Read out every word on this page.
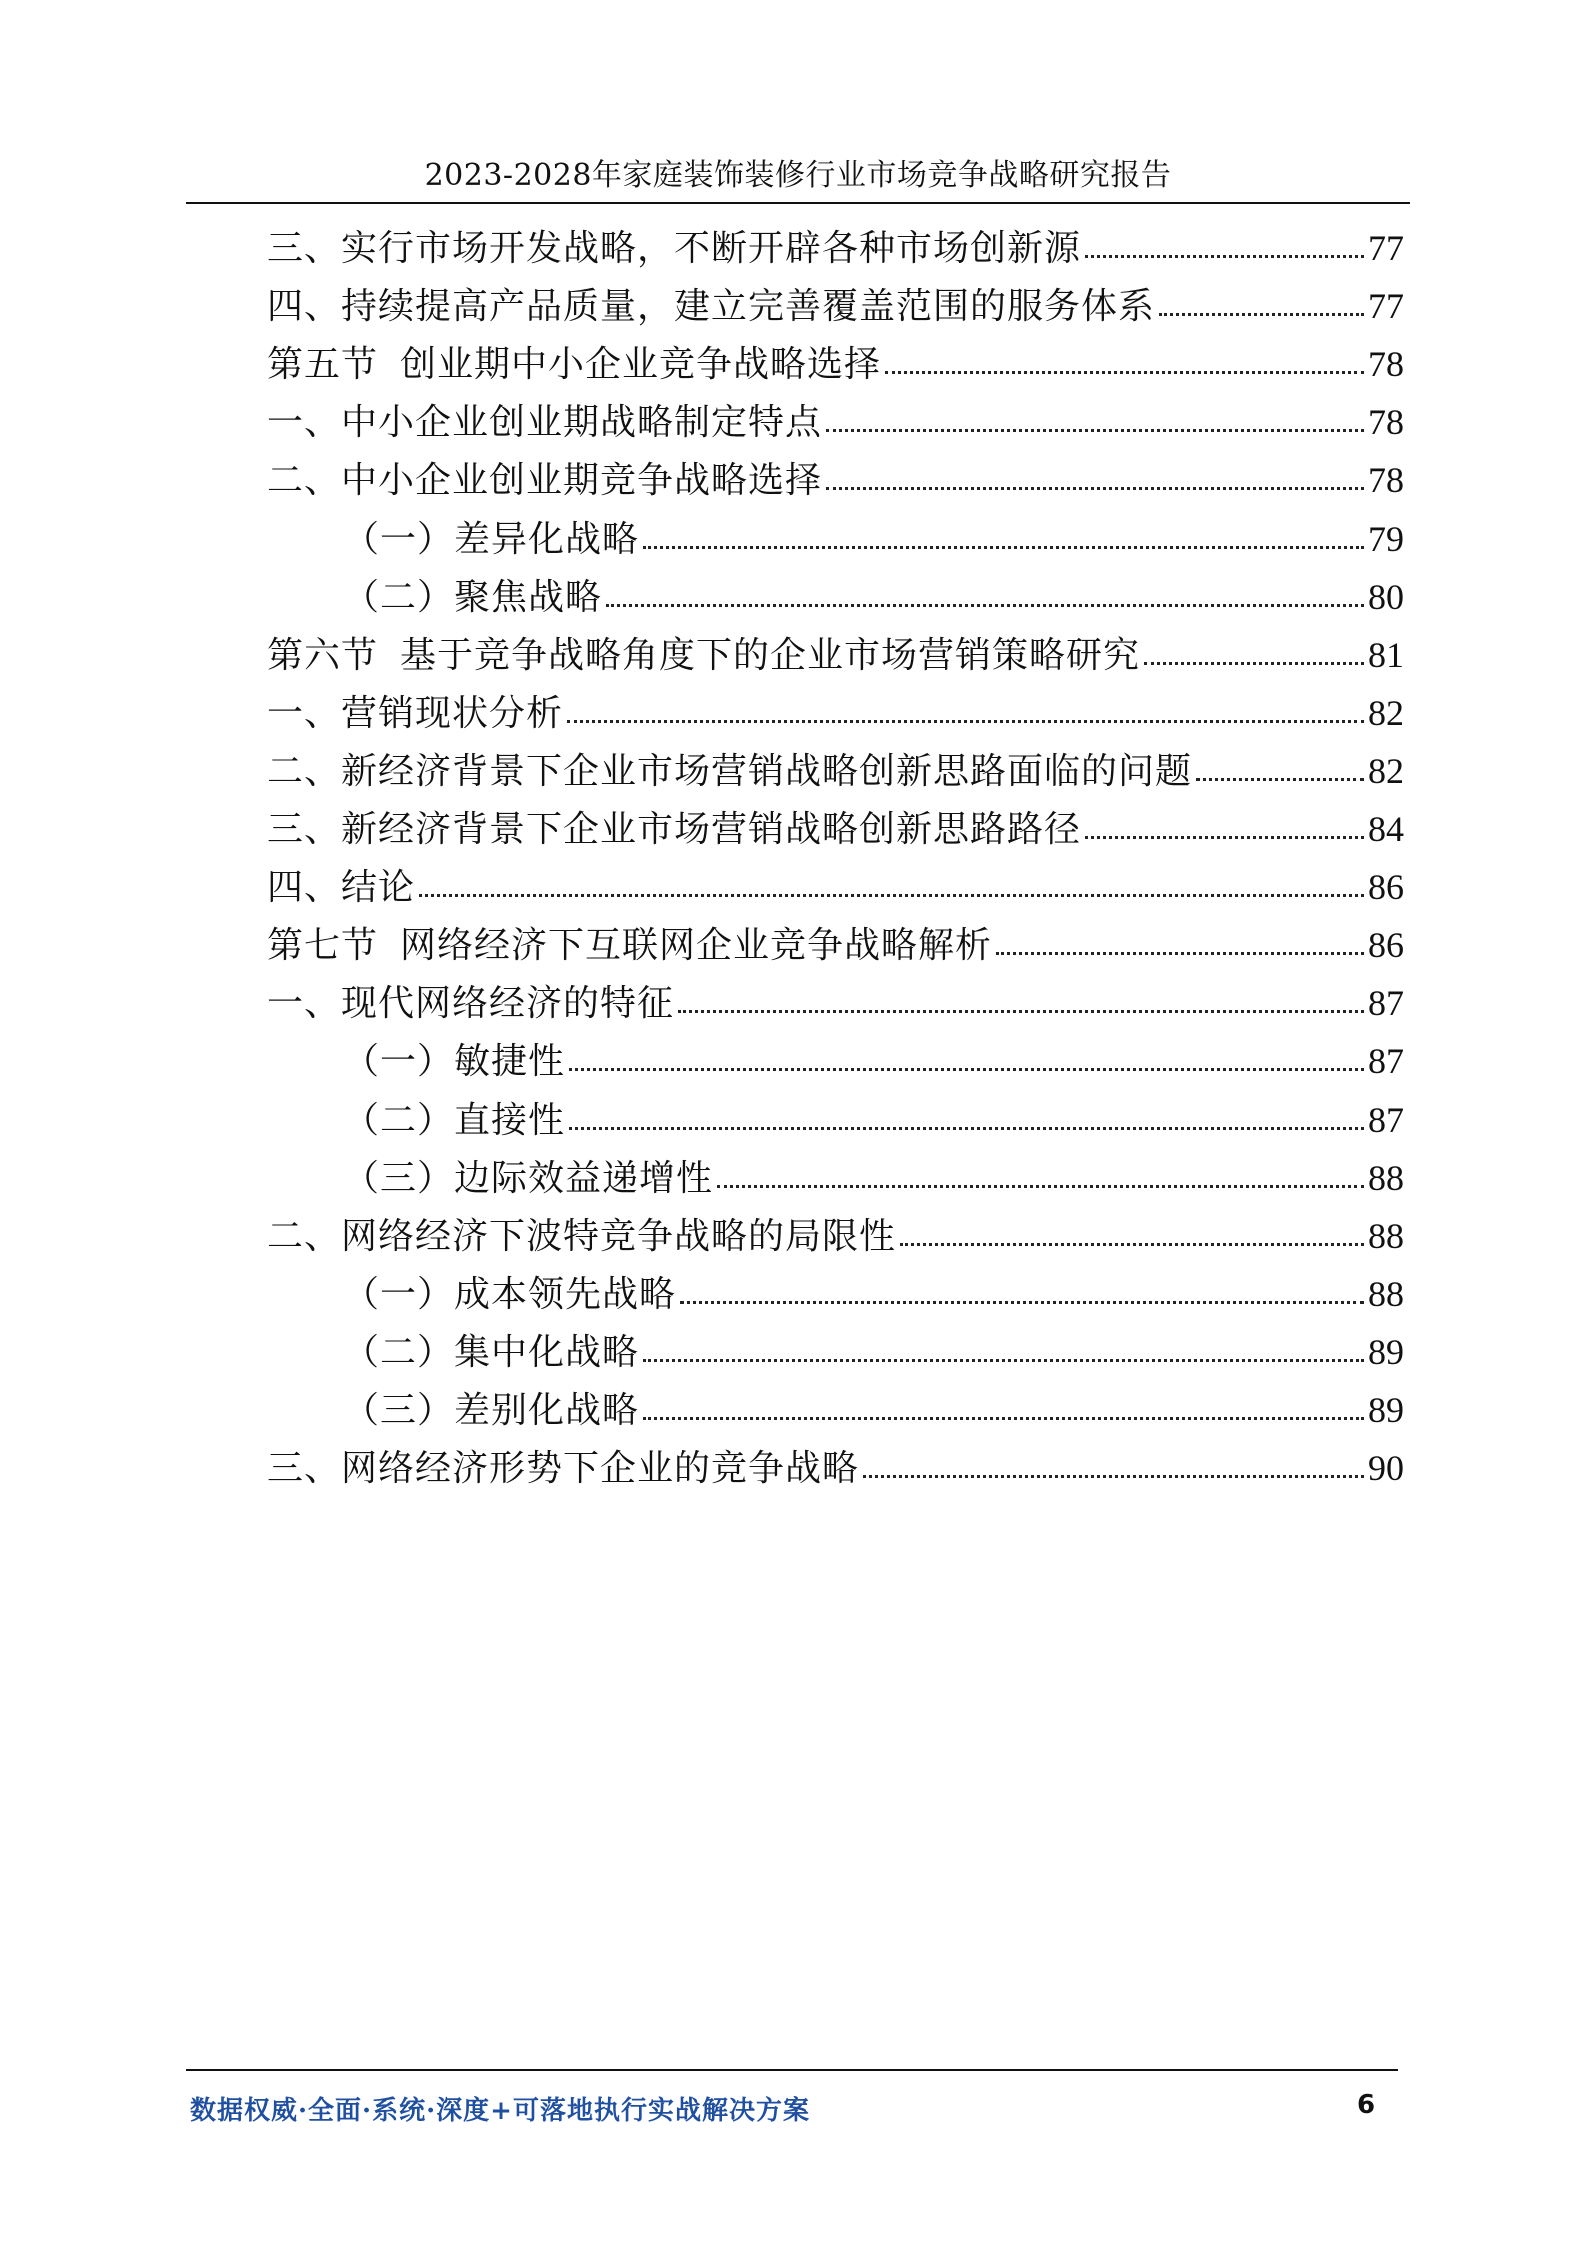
2023-2028年家庭装饰装修行业市场竞争战略研究报告
三、实行市场开发战略，不断开辟各种市场创新源	77
四、持续提高产品质量，建立完善覆盖范围的服务体系	77
第五节 创业期中小企业竞争战略选择	78
一、中小企业创业期战略制定特点	78
二、中小企业创业期竞争战略选择	78
（一）差异化战略	79
（二）聚焦战略	80
第六节 基于竞争战略角度下的企业市场营销策略研究	81
一、营销现状分析	82
二、新经济背景下企业市场营销战略创新思路面临的问题	82
三、新经济背景下企业市场营销战略创新思路路径	84
四、结论	86
第七节 网络经济下互联网企业竞争战略解析	86
一、现代网络经济的特征	87
（一）敏捷性	87
（二）直接性	87
（三）边际效益递增性	88
二、网络经济下波特竞争战略的局限性	88
（一）成本领先战略	88
（二）集中化战略	89
（三）差别化战略	89
三、网络经济形势下企业的竞争战略	90
数据权威·全面·系统·深度+可落地执行实战解决方案	6
